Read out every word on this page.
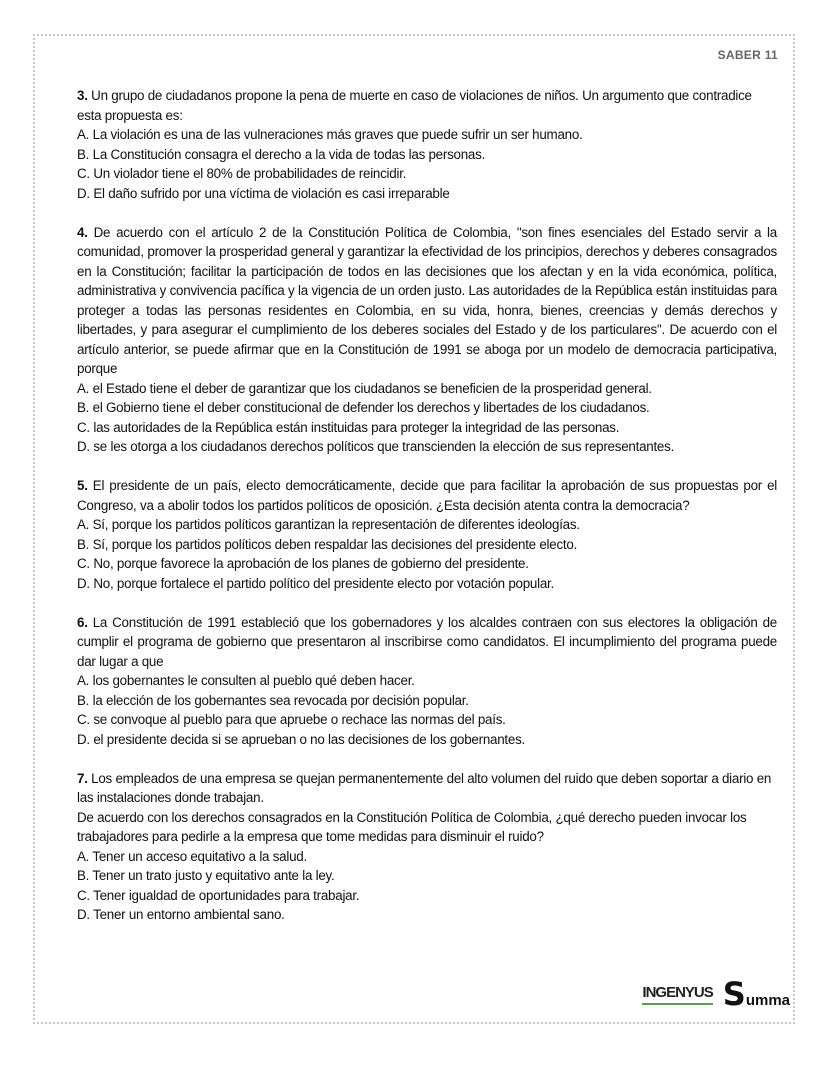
SABER 11
3. Un grupo de ciudadanos propone la pena de muerte en caso de violaciones de niños. Un argumento que contradice esta propuesta es:
A. La violación es una de las vulneraciones más graves que puede sufrir un ser humano.
B. La Constitución consagra el derecho a la vida de todas las personas.
C. Un violador tiene el 80% de probabilidades de reincidir.
D. El daño sufrido por una víctima de violación es casi irreparable
4. De acuerdo con el artículo 2 de la Constitución Política de Colombia, "son fines esenciales del Estado servir a la comunidad, promover la prosperidad general y garantizar la efectividad de los principios, derechos y deberes consagrados en la Constitución; facilitar la participación de todos en las decisiones que los afectan y en la vida económica, política, administrativa y convivencia pacífica y la vigencia de un orden justo. Las autoridades de la República están instituidas para proteger a todas las personas residentes en Colombia, en su vida, honra, bienes, creencias y demás derechos y libertades, y para asegurar el cumplimiento de los deberes sociales del Estado y de los particulares". De acuerdo con el artículo anterior, se puede afirmar que en la Constitución de 1991 se aboga por un modelo de democracia participativa, porque
A. el Estado tiene el deber de garantizar que los ciudadanos se beneficien de la prosperidad general.
B. el Gobierno tiene el deber constitucional de defender los derechos y libertades de los ciudadanos.
C. las autoridades de la República están instituidas para proteger la integridad de las personas.
D. se les otorga a los ciudadanos derechos políticos que transcienden la elección de sus representantes.
5. El presidente de un país, electo democráticamente, decide que para facilitar la aprobación de sus propuestas por el Congreso, va a abolir todos los partidos políticos de oposición. ¿Esta decisión atenta contra la democracia?
A. Sí, porque los partidos políticos garantizan la representación de diferentes ideologías.
B. Sí, porque los partidos políticos deben respaldar las decisiones del presidente electo.
C. No, porque favorece la aprobación de los planes de gobierno del presidente.
D. No, porque fortalece el partido político del presidente electo por votación popular.
6. La Constitución de 1991 estableció que los gobernadores y los alcaldes contraen con sus electores la obligación de cumplir el programa de gobierno que presentaron al inscribirse como candidatos. El incumplimiento del programa puede dar lugar a que
A. los gobernantes le consulten al pueblo qué deben hacer.
B. la elección de los gobernantes sea revocada por decisión popular.
C. se convoque al pueblo para que apruebe o rechace las normas del país.
D. el presidente decida si se aprueban o no las decisiones de los gobernantes.
7. Los empleados de una empresa se quejan permanentemente del alto volumen del ruido que deben soportar a diario en las instalaciones donde trabajan.
De acuerdo con los derechos consagrados en la Constitución Política de Colombia, ¿qué derecho pueden invocar los trabajadores para pedirle a la empresa que tome medidas para disminuir el ruido?
A. Tener un acceso equitativo a la salud.
B. Tener un trato justo y equitativo ante la ley.
C. Tener igualdad de oportunidades para trabajar.
D. Tener un entorno ambiental sano.
INGENYUS S umma
